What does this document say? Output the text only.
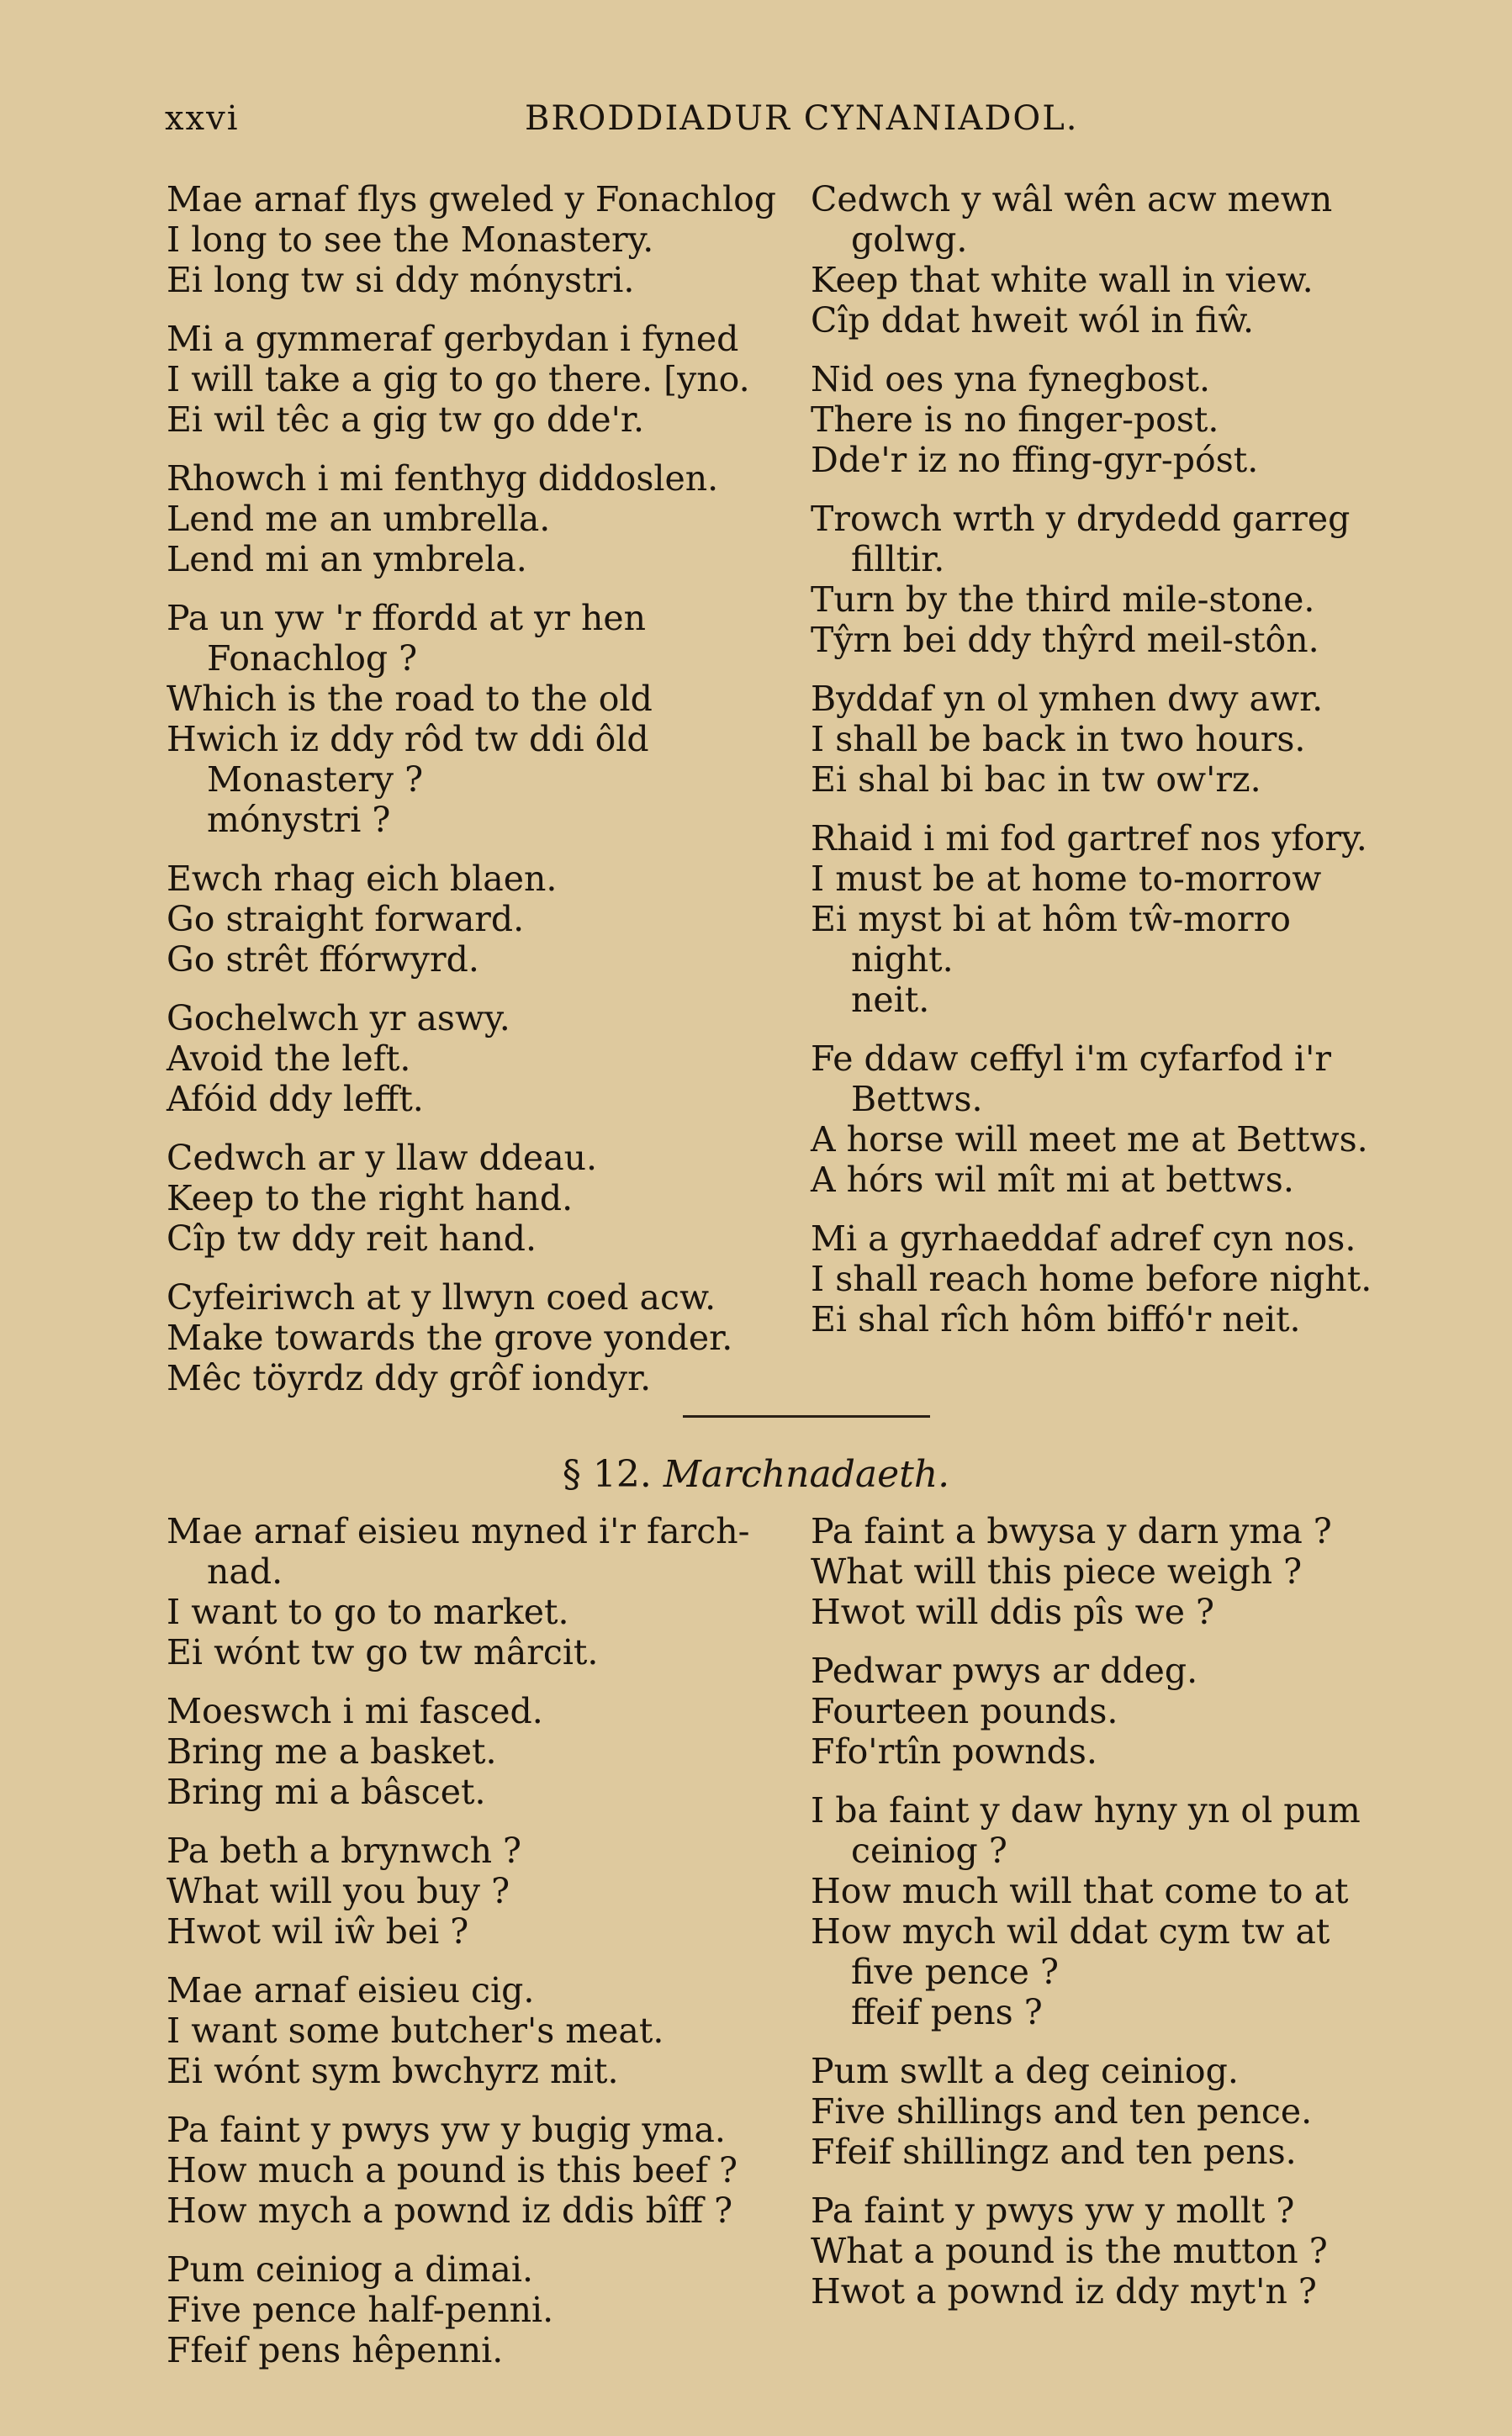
xxvi	BRODDIADUR CYNANIADOL.
Mae arnaf flys gweled y Fonachlog
I long to see the Monastery.
Ei long tw si ddy mónystri.
Mi a gymmeraf gerbydan i fyned
I will take a gig to go there. [yno.
Ei wil têc a gig tw go dde'r.
Rhowch i mi fenthyg diddoslen.
Lend me an umbrella.
Lend mi an ymbrela.
Pa un yw 'r ffordd at yr hen
Fonachlog ?
Which is the road to the old
Hwich iz ddy rôd tw ddi ôld
Monastery ?
mónystri ?
Ewch rhag eich blaen.
Go straight forward.
Go strêt ffórwyrd.
Gochelwch yr aswy.
Avoid the left.
Afóid ddy lefft.
Cedwch ar y llaw ddeau.
Keep to the right hand.
Cîp tw ddy reit hand.
Cyfeiriwch at y llwyn coed acw.
Make towards the grove yonder.
Mêc töyrdz ddy grôf iondyr.
Cedwch y wâl wên acw mewn
golwg.
Keep that white wall in view.
Cîp ddat hweit wól in fiŵ.
Nid oes yna fynegbost.
There is no finger-post.
Dde'r iz no ffing-gyr-póst.
Trowch wrth y drydedd garreg
filltir.
Turn by the third mile-stone.
Tŷrn bei ddy thŷrd meil-stôn.
Byddaf yn ol ymhen dwy awr.
I shall be back in two hours.
Ei shal bi bac in tw ow'rz.
Rhaid i mi fod gartref nos yfory.
I must be at home to-morrow
Ei myst bi at hôm tŵ-morro
night.
neit.
Fe ddaw ceffyl i'm cyfarfod i'r
Bettws.
A horse will meet me at Bettws.
A hórs wil mît mi at bettws.
Mi a gyrhaeddaf adref cyn nos.
I shall reach home before night.
Ei shal rîch hôm biffó'r neit.
§ 12. Marchnadaeth.
Mae arnaf eisieu myned i'r farch-
nad.
I want to go to market.
Ei wónt tw go tw mârcit.
Moeswch i mi fasced.
Bring me a basket.
Bring mi a bâscet.
Pa beth a brynwch ?
What will you buy ?
Hwot wil iŵ bei ?
Mae arnaf eisieu cig.
I want some butcher's meat.
Ei wónt sym bwchyrz mit.
Pa faint y pwys yw y bugig yma.
How much a pound is this beef ?
How mych a pownd iz ddis bîff ?
Pum ceiniog a dimai.
Five pence half-penni.
Ffeif pens hêpenni.
Pa faint a bwysa y darn yma ?
What will this piece weigh ?
Hwot will ddis pîs we ?
Pedwar pwys ar ddeg.
Fourteen pounds.
Ffo'rtîn pownds.
I ba faint y daw hyny yn ol pum
ceiniog ?
How much will that come to at
How mych wil ddat cym tw at
five pence ?
ffeif pens ?
Pum swllt a deg ceiniog.
Five shillings and ten pence.
Ffeif shillingz and ten pens.
Pa faint y pwys yw y mollt ?
What a pound is the mutton ?
Hwot a pownd iz ddy myt'n ?
